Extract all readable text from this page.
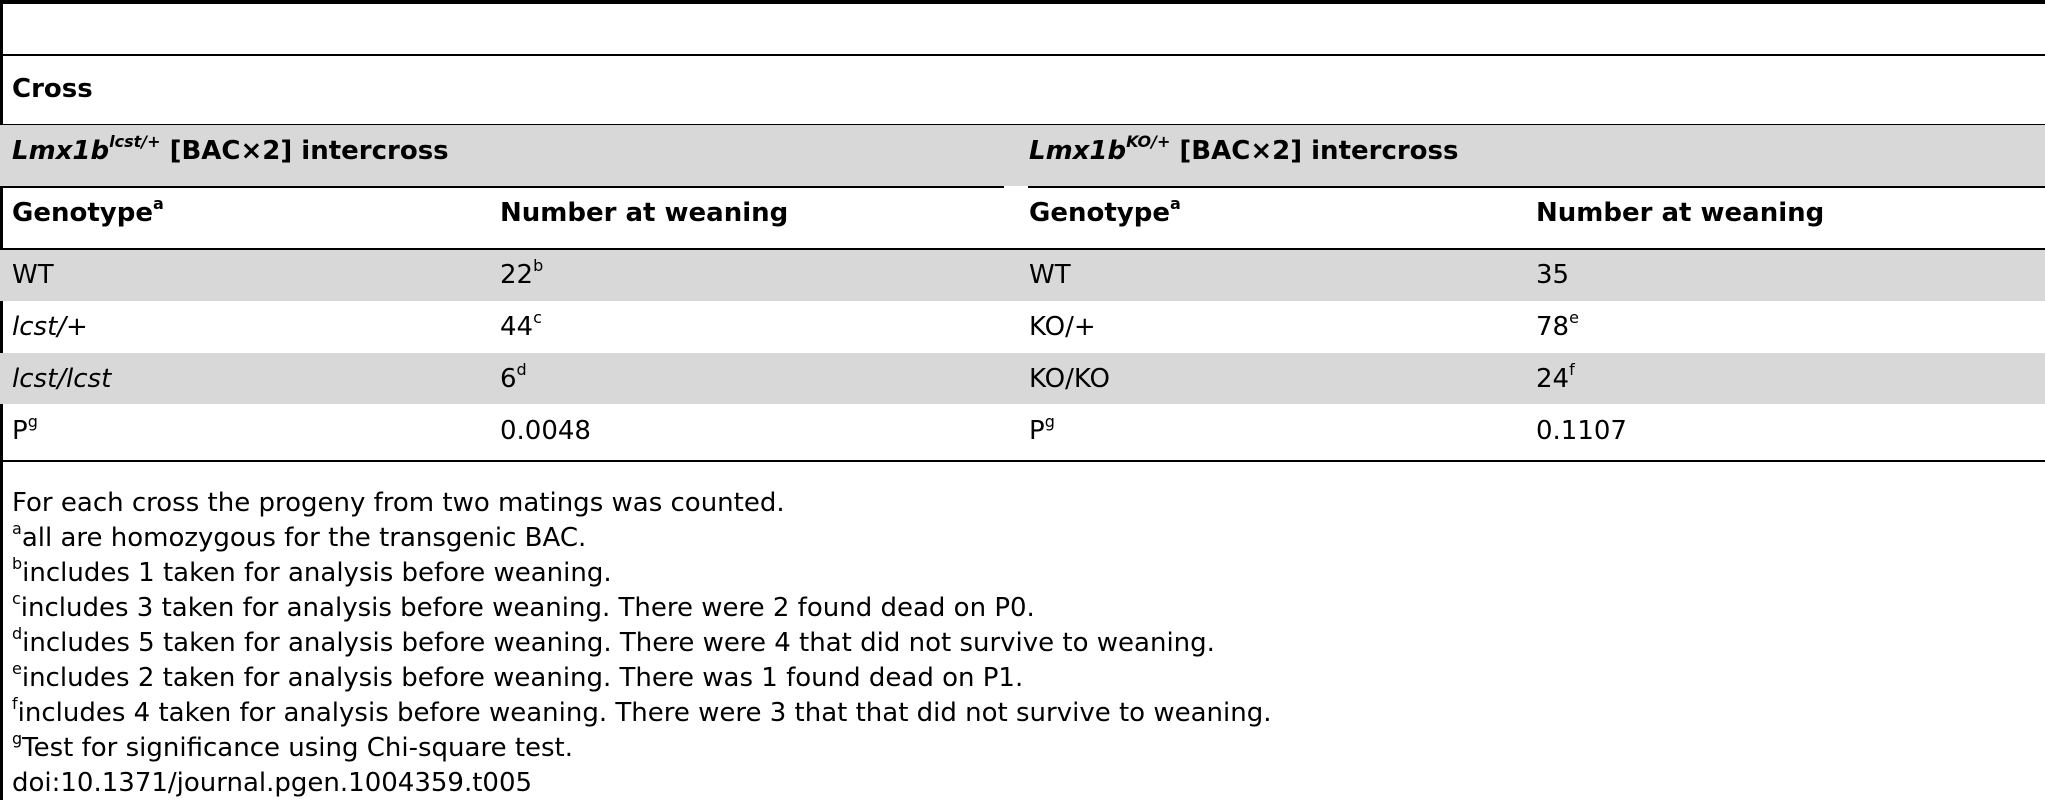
Cross
$Lmx1b^{lcst/+}$ [BAC×2] intercross	$Lmx1b^{KO/+}$ [BAC×2] intercross
Genotype$^a$	Number at weaning	Genotype$^a$	Number at weaning
WT	22$^b$	WT	35
lcst/+	$44^c$	KO/+	$78^e$
lcst/lcst	6$^d$	KO/KO	24$^f$
$P^g$	0.0048	$P^g$	0.1107
For each cross the progeny from two matings was counted.
$^a$all are homozygous for the transgenic BAC.
$^b$includes 1 taken for analysis before weaning.
$^c$includes 3 taken for analysis before weaning. There were 2 found dead on P0.
$^d$includes 5 taken for analysis before weaning. There were 4 that did not survive to weaning.
$^e$includes 2 taken for analysis before weaning. There was 1 found dead on P1.
$^f$includes 4 taken for analysis before weaning. There were 3 that that did not survive to weaning.
$^g$Test for significance using Chi-square test.
doi:10.1371/journal.pgen.1004359.t005
